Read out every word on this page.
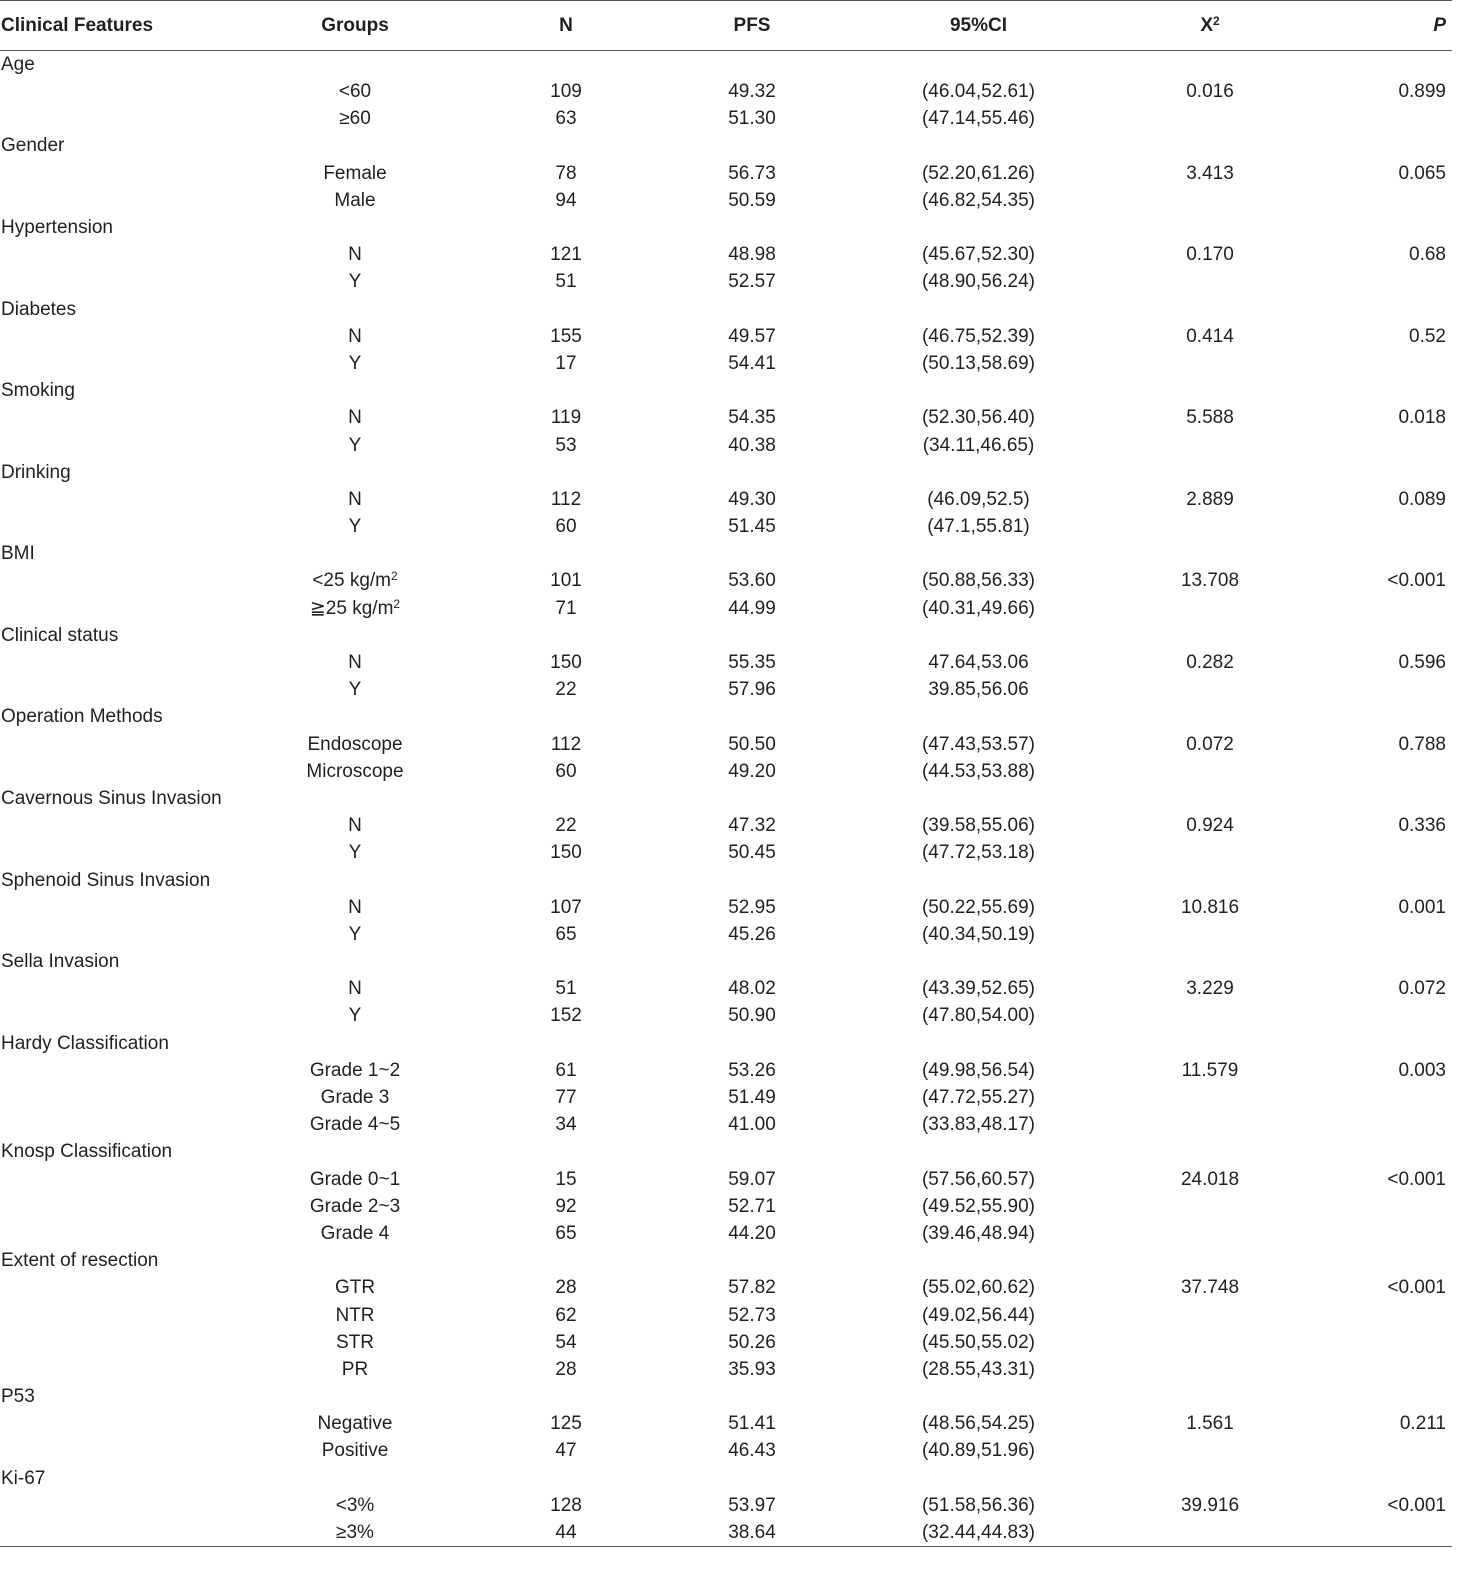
Clinical Features	Groups	N	PFS	95%CI	$X^2$	P
Age						
	<60	109	49.32	(46.04,52.61)	0.016	0.899
	≥60	63	51.30	(47.14,55.46)		
Gender						
	Female	78	56.73	(52.20,61.26)	3.413	0.065
	Male	94	50.59	(46.82,54.35)		
Hypertension						
	N	121	48.98	(45.67,52.30)	0.170	0.68
	Y	51	52.57	(48.90,56.24)		
Diabetes						
	N	155	49.57	(46.75,52.39)	0.414	0.52
	Y	17	54.41	(50.13,58.69)		
Smoking						
	N	119	54.35	(52.30,56.40)	5.588	0.018
	Y	53	40.38	(34.11,46.65)		
Drinking						
	N	112	49.30	(46.09,52.5)	2.889	0.089
	Y	60	51.45	(47.1,55.81)		
BMI						
	<25 $kg/m^2$	101	53.60	(50.88,56.33)	13.708	<0.001
	≧25 $kg/m^2$	71	44.99	(40.31,49.66)		
Clinical status						
	N	150	55.35	47.64,53.06	0.282	0.596
	Y	22	57.96	39.85,56.06		
Operation Methods						
	Endoscope	112	50.50	(47.43,53.57)	0.072	0.788
	Microscope	60	49.20	(44.53,53.88)		
Cavernous Sinus Invasion						
	N	22	47.32	(39.58,55.06)	0.924	0.336
	Y	150	50.45	(47.72,53.18)		
Sphenoid Sinus Invasion						
	N	107	52.95	(50.22,55.69)	10.816	0.001
	Y	65	45.26	(40.34,50.19)		
Sella Invasion						
	N	51	48.02	(43.39,52.65)	3.229	0.072
	Y	152	50.90	(47.80,54.00)		
Hardy Classification						
	Grade 1~2	61	53.26	(49.98,56.54)	11.579	0.003
	Grade 3	77	51.49	(47.72,55.27)		
	Grade 4~5	34	41.00	(33.83,48.17)		
Knosp Classification						
	Grade 0~1	15	59.07	(57.56,60.57)	24.018	<0.001
	Grade 2~3	92	52.71	(49.52,55.90)		
	Grade 4	65	44.20	(39.46,48.94)		
Extent of resection						
	GTR	28	57.82	(55.02,60.62)	37.748	<0.001
	NTR	62	52.73	(49.02,56.44)		
	STR	54	50.26	(45.50,55.02)		
	PR	28	35.93	(28.55,43.31)		
P53						
	Negative	125	51.41	(48.56,54.25)	1.561	0.211
	Positive	47	46.43	(40.89,51.96)		
Ki-67						
	<3%	128	53.97	(51.58,56.36)	39.916	<0.001
	≥3%	44	38.64	(32.44,44.83)		
